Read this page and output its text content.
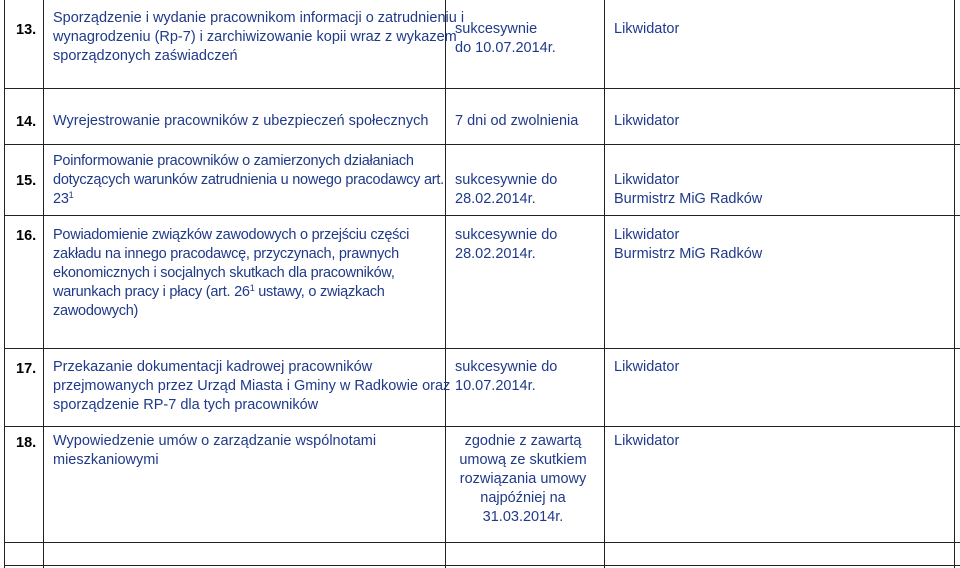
13.
Sporządzenie i wydanie pracownikom informacji o zatrudnieniu i
wynagrodzeniu (Rp-7) i zarchiwizowanie kopii wraz z wykazem
sporządzonych zaświadczeń
sukcesywnie
do 10.07.2014r.
Likwidator
14. Wyrejestrowanie pracowników z ubezpieczeń społecznych 7 dni od zwolnienia Likwidator
15.
Poinformowanie pracowników o zamierzonych działaniach
dotyczących warunków zatrudnienia u nowego pracodawcy art.
$23^1$
sukcesywnie do
28.02.2014r.
Likwidator
Burmistrz MiG Radków
16. Powiadomienie związków zawodowych o przejściu części
zakładu na innego pracodawcę, przyczynach, prawnych
ekonomicznych i socjalnych skutkach dla pracowników,
warunkach pracy i płacy (art. $26^1$ ustawy, o związkach
zawodowych)
sukcesywnie do
28.02.2014r.
Likwidator
Burmistrz MiG Radków
17. Przekazanie dokumentacji kadrowej pracowników
przejmowanych przez Urząd Miasta i Gminy w Radkowie oraz
sporządzenie RP-7 dla tych pracowników
sukcesywnie do
10.07.2014r.
Likwidator
18. Wypowiedzenie umów o zarządzanie wspólnotami
mieszkaniowymi
zgodnie z zawartą
umową ze skutkiem
rozwiązania umowy
najpóźniej na
31.03.2014r.
Likwidator
